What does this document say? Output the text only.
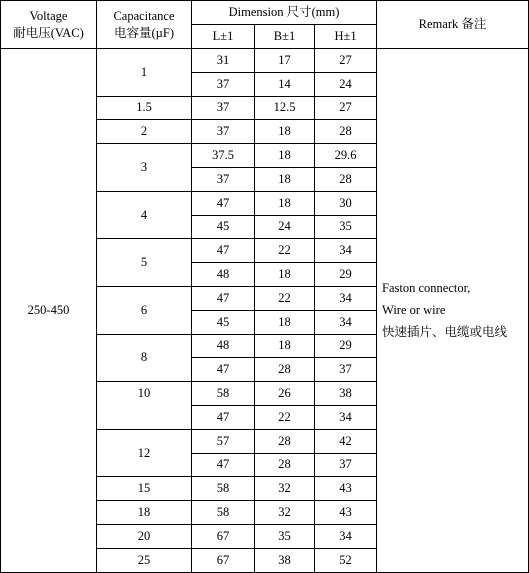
Voltage
耐电压(VAC)	Capacitance
电容量(µF)	Dimension 尺寸(mm)			Remark 备注
		L±1	B±1	H±1	
250-450	1	31	17	27	Faston connector,
Wire or wire
快速插片、电缆或电线

		37	14	24	
	1.5	37	12.5	27	
	2	37	18	28	
	3	37.5	18	29.6	
		37	18	28	
	4	47	18	30	
		45	24	35	
	5	47	22	34	
		48	18	29	
	6	47	22	34	
		45	18	34	
	8	48	18	29	
		47	28	37	
	10	58	26	38	
		47	22	34	
	12	57	28	42	
		47	28	37	
	15	58	32	43	
	18	58	32	43	
	20	67	35	34	
	25	67	38	52	
